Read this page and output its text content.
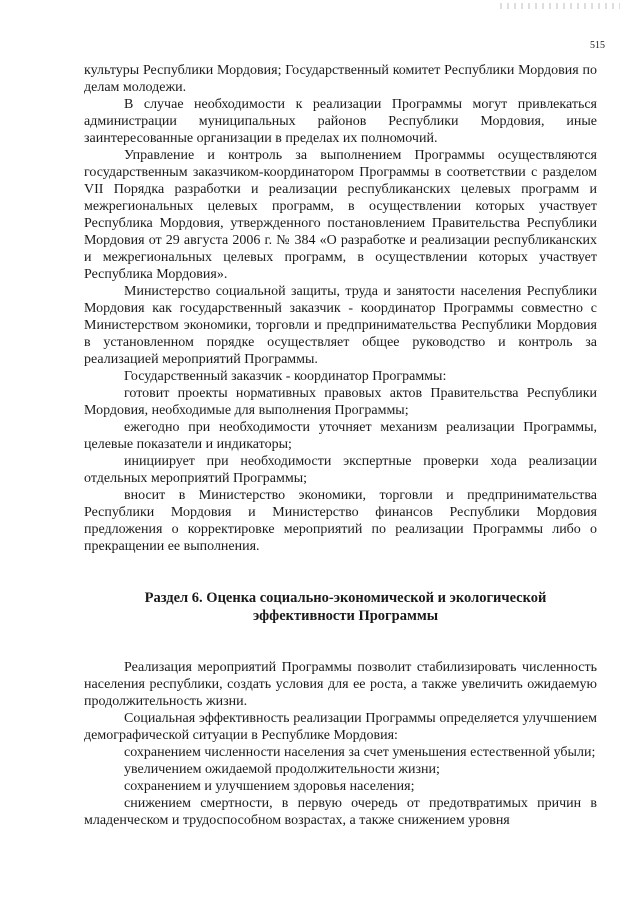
515

культуры Республики Мордовия; Государственный комитет Республики Мордовия по делам молодежи.

В случае необходимости к реализации Программы могут привлекаться администрации муниципальных районов Республики Мордовия, иные заинтересованные организации в пределах их полномочий.

Управление и контроль за выполнением Программы осуществляются государственным заказчиком-координатором Программы в соответствии с разделом VII Порядка разработки и реализации республиканских целевых программ и межрегиональных целевых программ, в осуществлении которых участвует Республика Мордовия, утвержденного постановлением Правительства Республики Мордовия от 29 августа 2006 г. № 384 «О разработке и реализации республиканских и межрегиональных целевых программ, в осуществлении которых участвует Республика Мордовия».

Министерство социальной защиты, труда и занятости населения Республики Мордовия как государственный заказчик - координатор Программы совместно с Министерством экономики, торговли и предпринимательства Республики Мордовия в установленном порядке осуществляет общее руководство и контроль за реализацией мероприятий Программы.

Государственный заказчик - координатор Программы:

готовит проекты нормативных правовых актов Правительства Республики Мордовия, необходимые для выполнения Программы;

ежегодно при необходимости уточняет механизм реализации Программы, целевые показатели и индикаторы;

инициирует при необходимости экспертные проверки хода реализации отдельных мероприятий Программы;

вносит в Министерство экономики, торговли и предпринимательства Республики Мордовия и Министерство финансов Республики Мордовия предложения о корректировке мероприятий по реализации Программы либо о прекращении ее выполнения.

Раздел 6. Оценка социально-экономической и экологической
эффективности Программы

Реализация мероприятий Программы позволит стабилизировать численность населения республики, создать условия для ее роста, а также увеличить ожидаемую продолжительность жизни.

Социальная эффективность реализации Программы определяется улучшением демографической ситуации в Республике Мордовия:

сохранением численности населения за счет уменьшения естественной убыли;

увеличением ожидаемой продолжительности жизни;

сохранением и улучшением здоровья населения;

снижением смертности, в первую очередь от предотвратимых причин в младенческом и трудоспособном возрастах, а также снижением уровня
